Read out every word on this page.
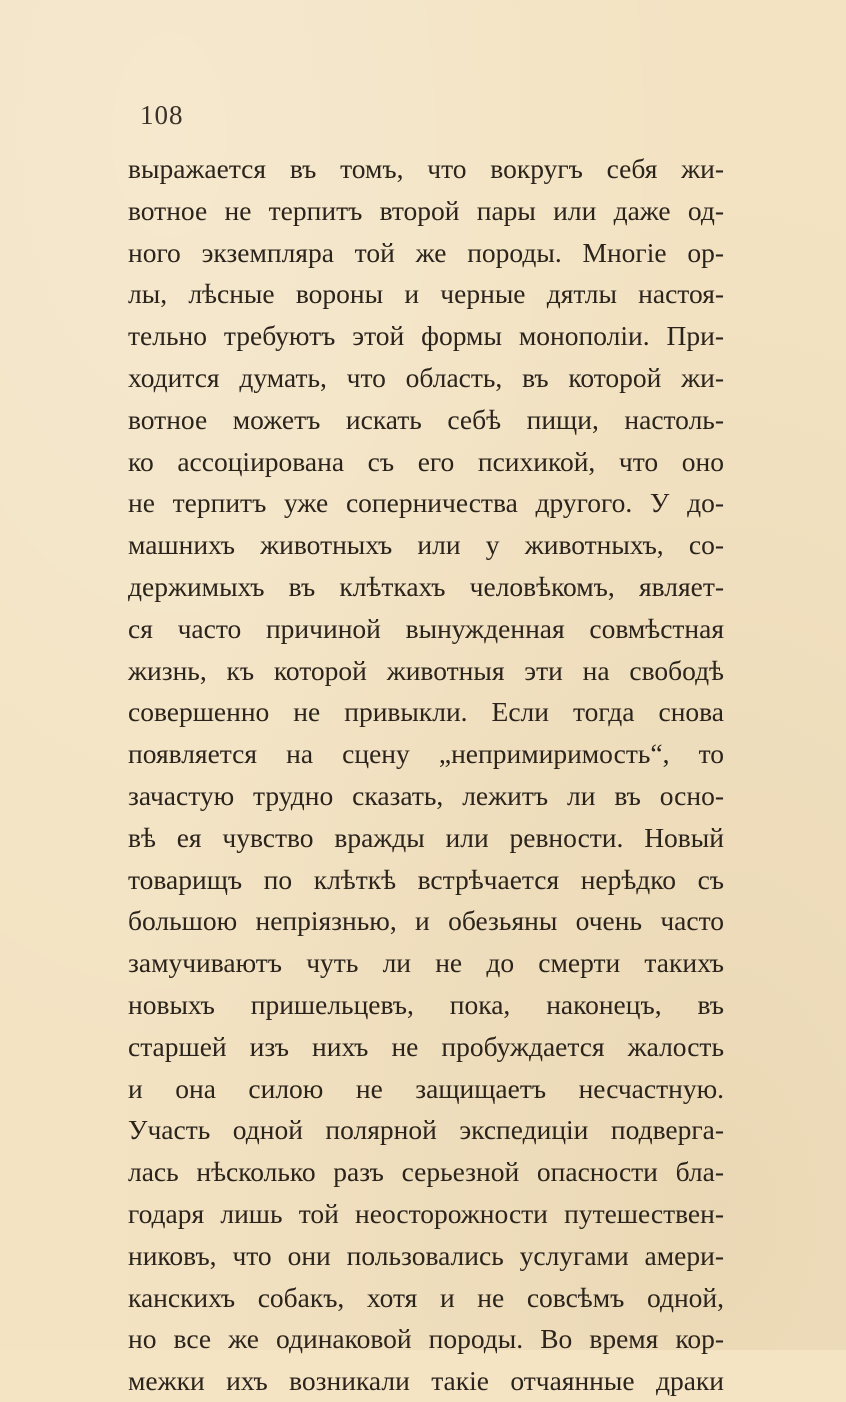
108
выражается въ томъ, что вокругъ себя жи-
вотное не терпитъ второй пары или даже од-
ного экземпляра той же породы. Многіе ор-
лы, лѣсные вороны и черные дятлы настоя-
тельно требуютъ этой формы монополіи. При-
ходится думать, что область, въ которой жи-
вотное можетъ искать себѣ пищи, настоль-
ко ассоціирована съ его психикой, что оно
не терпитъ уже соперничества другого. У до-
машнихъ животныхъ или у животныхъ, со-
держимыхъ въ клѣткахъ человѣкомъ, являет-
ся часто причиной вынужденная совмѣстная
жизнь, къ которой животныя эти на свободѣ
совершенно не привыкли. Если тогда снова
появляется на сцену „непримиримость“, то
зачастую трудно сказать, лежитъ ли въ осно-
вѣ ея чувство вражды или ревности. Новый
товарищъ по клѣткѣ встрѣчается нерѣдко съ
большою непріязнью, и обезьяны очень часто
замучиваютъ чуть ли не до смерти такихъ
новыхъ пришельцевъ, пока, наконецъ, въ
старшей изъ нихъ не пробуждается жалость
и она силою не защищаетъ несчастную.
Участь одной полярной экспедиціи подверга-
лась нѣсколько разъ серьезной опасности бла-
годаря лишь той неосторожности путешествен-
никовъ, что они пользовались услугами амери-
канскихъ собакъ, хотя и не совсѣмъ одной,
но все же одинаковой породы. Во время кор-
межки ихъ возникали такіе отчаянные драки
